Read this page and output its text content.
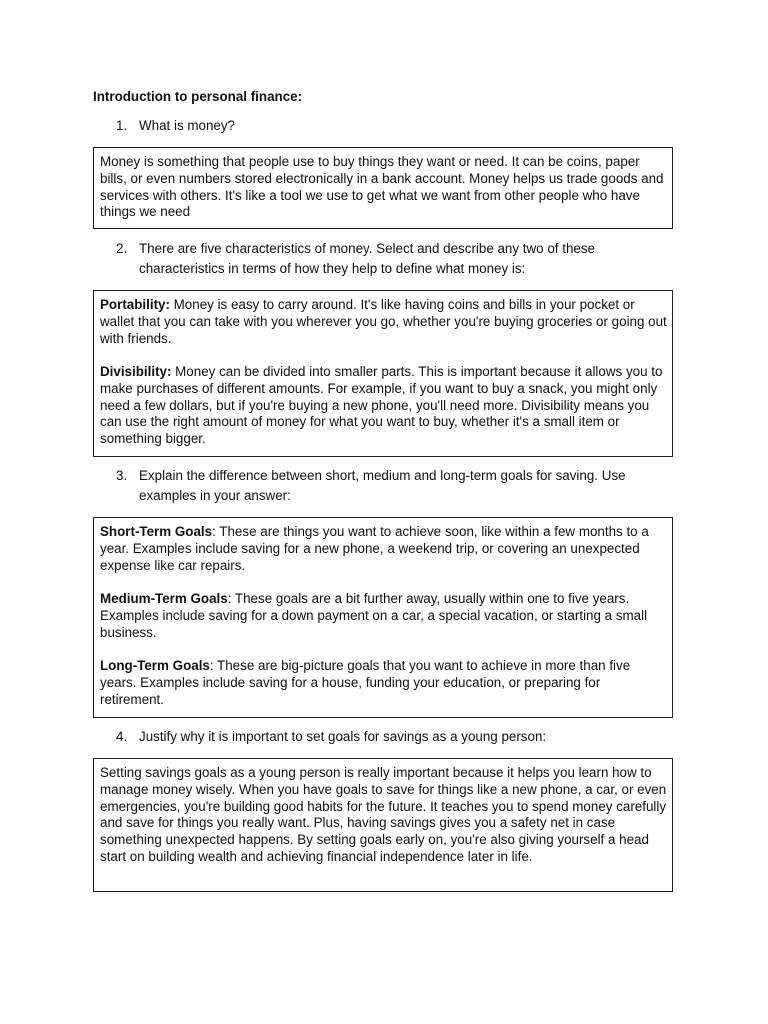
Introduction to personal finance:
1. What is money?

Money is something that people use to buy things they want or need. It can be coins, paper bills, or even numbers stored electronically in a bank account. Money helps us trade goods and services with others. It's like a tool we use to get what we want from other people who have things we need

2. There are five characteristics of money. Select and describe any two of these characteristics in terms of how they help to define what money is:

Portability: Money is easy to carry around. It's like having coins and bills in your pocket or wallet that you can take with you wherever you go, whether you're buying groceries or going out with friends.

Divisibility: Money can be divided into smaller parts. This is important because it allows you to make purchases of different amounts. For example, if you want to buy a snack, you might only need a few dollars, but if you're buying a new phone, you'll need more. Divisibility means you can use the right amount of money for what you want to buy, whether it's a small item or something bigger.

3. Explain the difference between short, medium and long-term goals for saving. Use examples in your answer:

Short-Term Goals: These are things you want to achieve soon, like within a few months to a year. Examples include saving for a new phone, a weekend trip, or covering an unexpected expense like car repairs.

Medium-Term Goals: These goals are a bit further away, usually within one to five years. Examples include saving for a down payment on a car, a special vacation, or starting a small business.

Long-Term Goals: These are big-picture goals that you want to achieve in more than five years. Examples include saving for a house, funding your education, or preparing for retirement.

4. Justify why it is important to set goals for savings as a young person:

Setting savings goals as a young person is really important because it helps you learn how to manage money wisely. When you have goals to save for things like a new phone, a car, or even emergencies, you're building good habits for the future. It teaches you to spend money carefully and save for things you really want. Plus, having savings gives you a safety net in case something unexpected happens. By setting goals early on, you're also giving yourself a head start on building wealth and achieving financial independence later in life.
